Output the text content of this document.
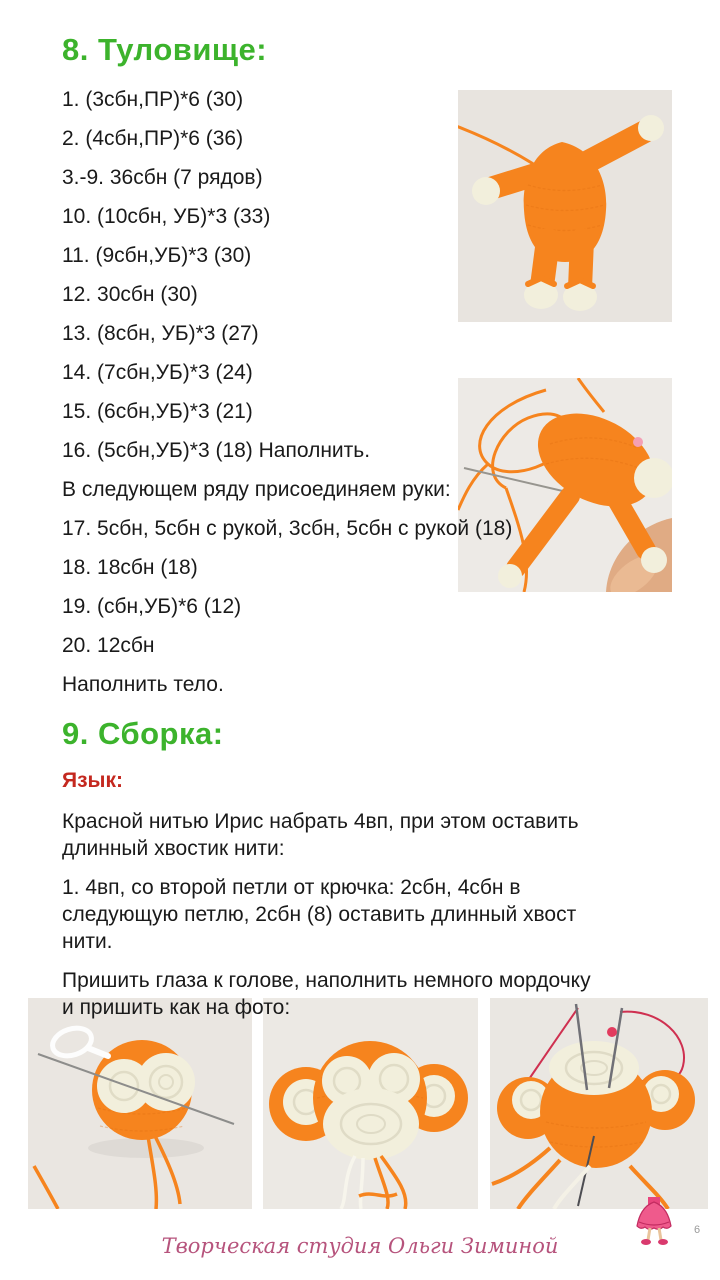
8. Туловище:

1. (3сбн,ПР)*6 (30)

2. (4сбн,ПР)*6 (36)

3.-9. 36сбн (7 рядов)

10. (10сбн, УБ)*3 (33)

11. (9сбн,УБ)*3 (30)

12. 30сбн (30)

13. (8сбн, УБ)*3 (27)

14. (7сбн,УБ)*3 (24)

15. (6сбн,УБ)*3 (21)

16. (5сбн,УБ)*3 (18) Наполнить.

В следующем ряду присоединяем руки:

17. 5сбн, 5сбн с рукой, 3сбн, 5сбн с рукой (18)

18. 18сбн (18)

19. (сбн,УБ)*6 (12)

20. 12сбн

Наполнить тело.

9. Сборка:

Язык:

Красной нитью Ирис набрать 4вп, при этом оставить длинный хвостик нити:

1. 4вп, со второй петли от крючка: 2сбн, 4сбн в следующую петлю, 2сбн (8) оставить длинный хвост нити.

Пришить глаза к голове, наполнить немного мордочку и пришить как на фото:

Творческая студия Ольги Зиминой
6
